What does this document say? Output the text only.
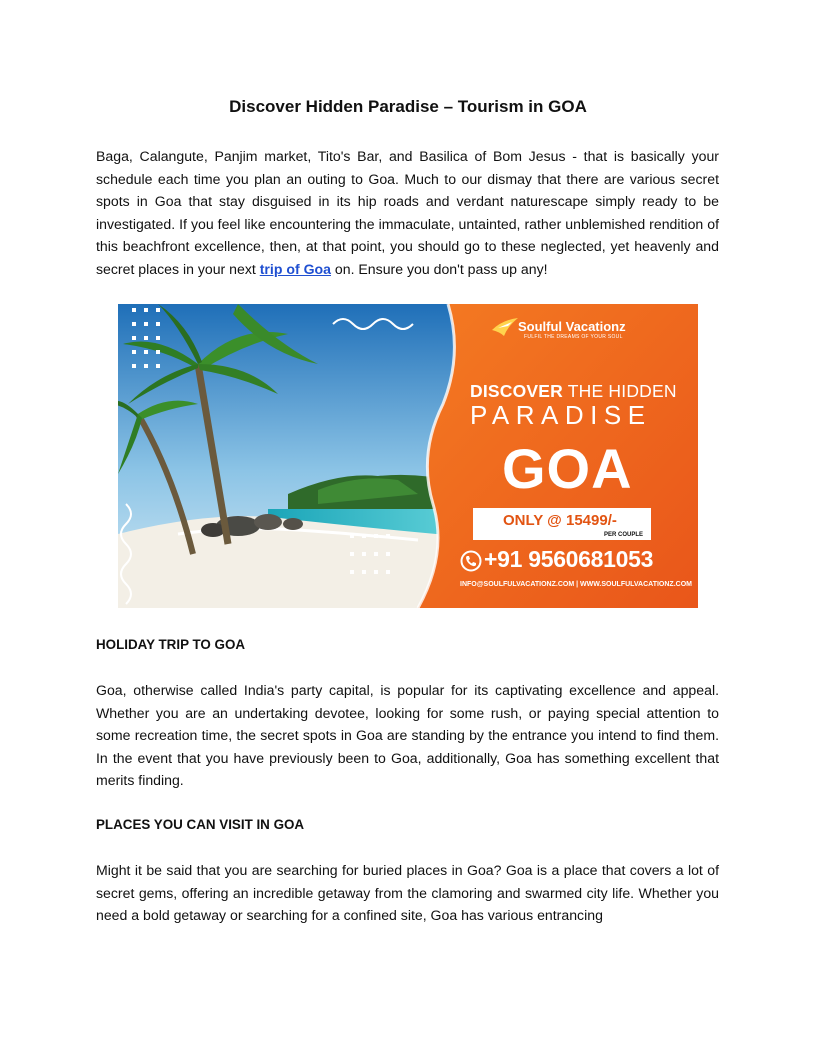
Discover Hidden Paradise – Tourism in GOA

Baga, Calangute, Panjim market, Tito's Bar, and Basilica of Bom Jesus - that is basically your schedule each time you plan an outing to Goa. Much to our dismay that there are various secret spots in Goa that stay disguised in its hip roads and verdant naturescape simply ready to be investigated. If you feel like encountering the immaculate, untainted, rather unblemished rendition of this beachfront excellence, then, at that point, you should go to these neglected, yet heavenly and secret places in your next trip of Goa on. Ensure you don't pass up any!

Soulful Vacationz
FULFIL THE DREAMS OF YOUR SOUL
DISCOVER THE HIDDEN
PARADISE
GOA
ONLY @ 15499/-
PER COUPLE
+91 9560681053
INFO@SOULFULVACATIONZ.COM | WWW.SOULFULVACATIONZ.COM
HOLIDAY TRIP TO GOA

Goa, otherwise called India's party capital, is popular for its captivating excellence and appeal. Whether you are an undertaking devotee, looking for some rush, or paying special attention to some recreation time, the secret spots in Goa are standing by the entrance you intend to find them. In the event that you have previously been to Goa, additionally, Goa has something excellent that merits finding.

PLACES YOU CAN VISIT IN GOA

Might it be said that you are searching for buried places in Goa? Goa is a place that covers a lot of secret gems, offering an incredible getaway from the clamoring and swarmed city life. Whether you need a bold getaway or searching for a confined site, Goa has various entrancing
